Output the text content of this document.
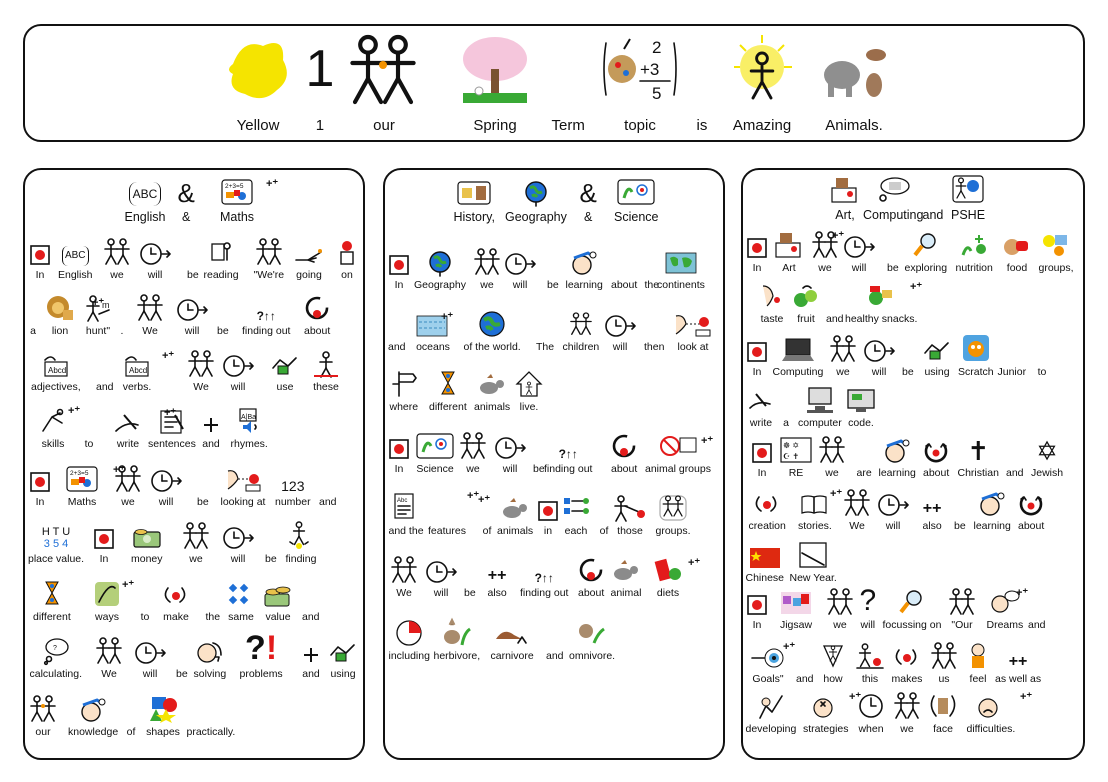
Yellow
1
1	our	Spring Term
2
+3
5
topic	is Amazing Animals.
ABC
English
&
&
2+3=5
Maths
In
ABC
English we will be reading "We're going on
a lion
m
hunt" . We	will be
?↑↑
finding out about
Abcd
adjectives, and
Abcd
verbs.	We will	use these
skills to write sentences and
A|Ba
rhymes.
In
2+3=5
Maths we will be looking at
123
number and
H T U
3 5 4
place value. In money	we	will be finding
different ways to make the same value and
?
calculating. We will be solving
?!
problems and using
our knowledge of shapes practically.
History, Geography
&
& Science
In Geography we will be learning about the
continents
and oceans of the world. The children will then look at
where different animals live.
In Science we will be
?↑↑
finding out about animal groups
Abc
and the features of animals in each of those groups.
We will be
++
also
?↑↑
finding out about animal diets
including herbivore, carnivore and omnivore.
Art, Computing and PSHE
In Art we will be exploring nutrition food groups,
taste fruit and healthy snacks.
In Computing we will be using Scratch Junior to
write a computer code.
In
☸ ✡
☪ ✝
RE we are learning about
✝
Christian and
✡
Jewish
creation stories. We will
++
also be learning about
Chinese New Year.
In Jigsaw we
?
will focussing on "Our Dreams and
Goals" and how this makes us feel
++
as well as
developing strategies when we face difficulties.
+⁺
+⁺
+⁺	+⁺
+⁺
+⁺
+⁺
+⁺
+⁺
+⁺
+⁺
+⁺
+⁺
+⁺
+⁺
+⁺
+⁺
+⁺
+⁺
